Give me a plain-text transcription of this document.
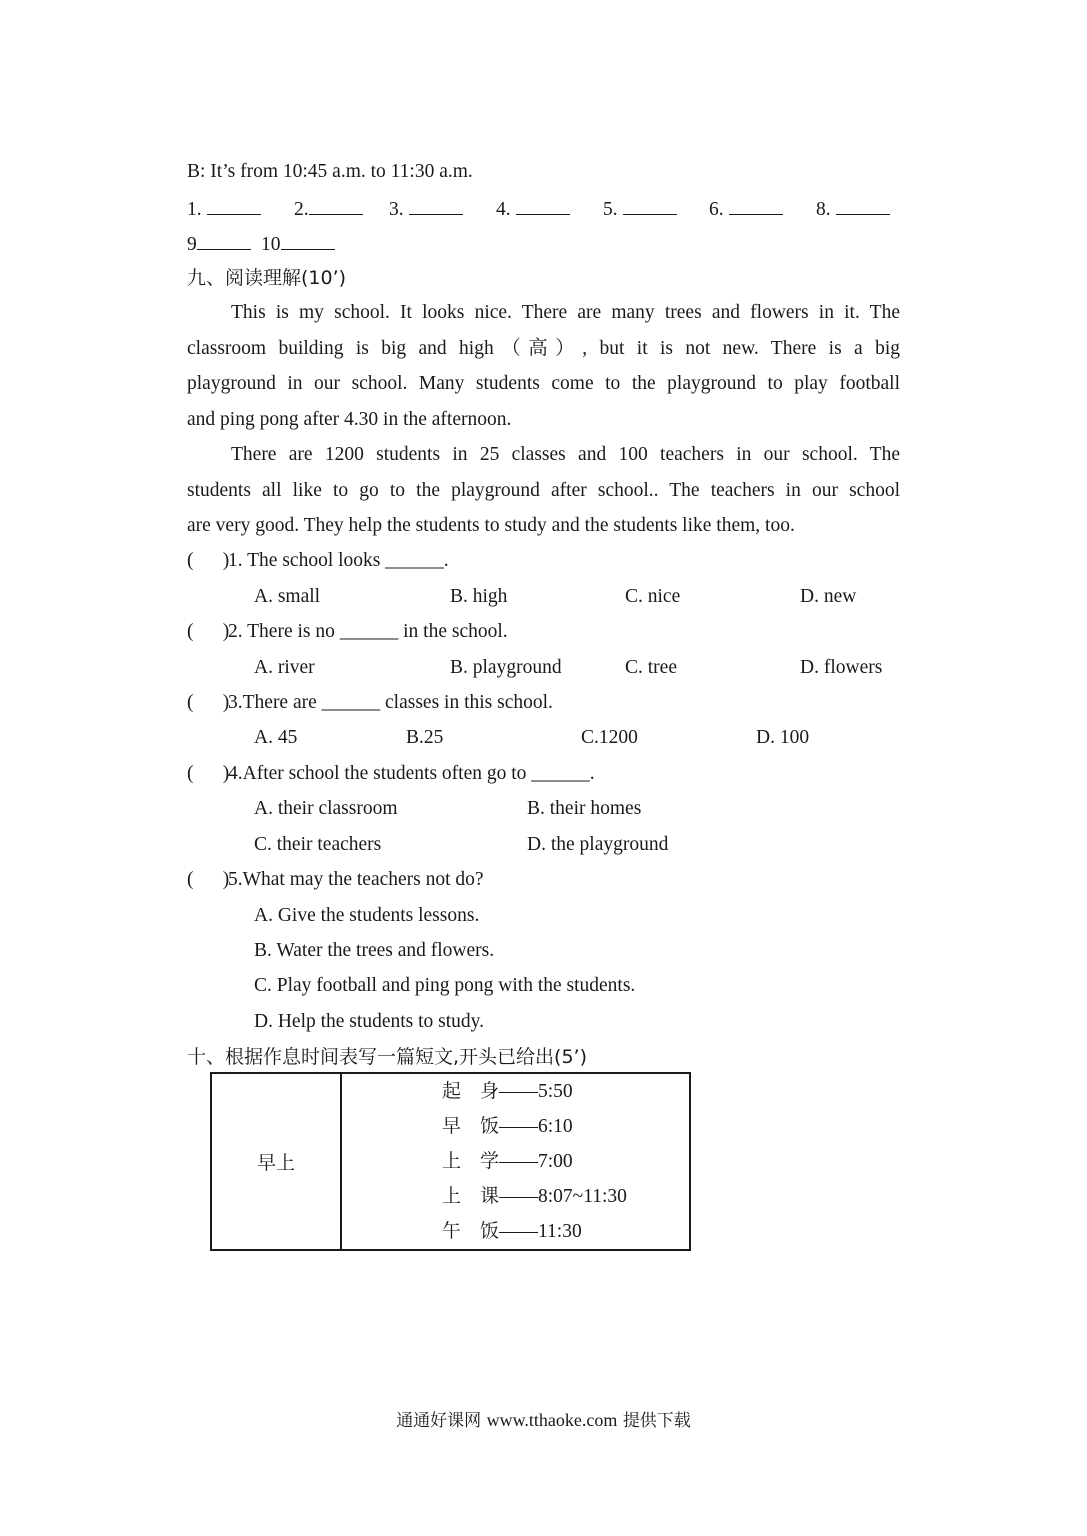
B: It’s from 10:45 a.m. to 11:30 a.m.
1.	2.	3.	4.	5.	6.	8.
9	10
九、阅读理解(10’)
This is my school. It looks nice. There are many trees and flowers in it. The
classroom building is big and high（高）, but it is not new. There is a big
playground in our school. Many students come to the playground to play football
and ping pong after 4.30 in the afternoon.
There are 1200 students in 25 classes and 100 teachers in our school. The
students all like to go to the playground after school.. The teachers in our school
are very good. They help the students to study and the students like them, too.
(      )
1. The school looks ______.
A. small	B. high	C. nice	D. new
(      )
2. There is no ______ in the school.
A. river	B. playground	C. tree	D. flowers
(      )
3.There are ______ classes in this school.
A. 45	B.25	C.1200	D. 100
(      )
4.After school the students often go to ______.
A. their classroom	B. their homes
C. their teachers	D. the playground
(      )
5.What may the teachers not do?
A. Give the students lessons.
B. Water the trees and flowers.
C. Play football and ping pong with the students.
D. Help the students to study.
十、根据作息时间表写一篇短文,开头已给出(5’)
早上	
起　身——5:50
早　饭——6:10
上　学——7:00
上　课——8:07~11:30
午　饭——11:30
通通好课网 www.tthaoke.com 提供下载
